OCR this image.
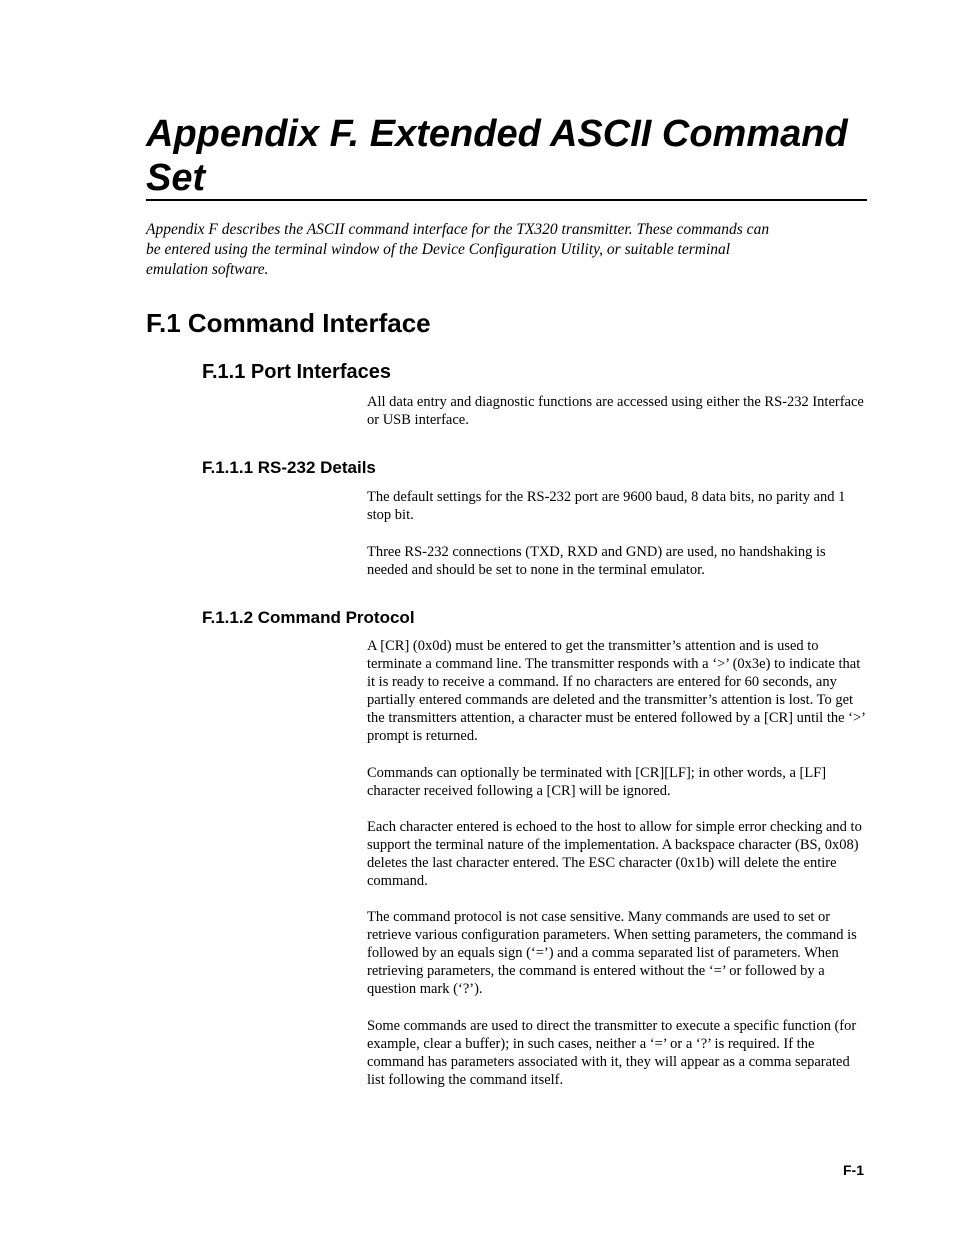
Appendix F. Extended ASCII Command
Set

Appendix F describes the ASCII command interface for the TX320 transmitter. These commands can be entered using the terminal window of the Device Configuration Utility, or suitable terminal emulation software.

F.1 Command Interface
F.1.1 Port Interfaces

All data entry and diagnostic functions are accessed using either the RS-232 Interface or USB interface.

F.1.1.1 RS-232 Details

The default settings for the RS-232 port are 9600 baud, 8 data bits, no parity and 1 stop bit.

Three RS-232 connections (TXD, RXD and GND) are used, no handshaking is needed and should be set to none in the terminal emulator.

F.1.1.2 Command Protocol

A [CR] (0x0d) must be entered to get the transmitter’s attention and is used to terminate a command line. The transmitter responds with a ‘>’ (0x3e) to indicate that it is ready to receive a command. If no characters are entered for 60 seconds, any partially entered commands are deleted and the transmitter’s attention is lost. To get the transmitters attention, a character must be entered followed by a [CR] until the ‘>’ prompt is returned.

Commands can optionally be terminated with [CR][LF]; in other words, a [LF] character received following a [CR] will be ignored.

Each character entered is echoed to the host to allow for simple error checking and to support the terminal nature of the implementation. A backspace character (BS, 0x08) deletes the last character entered. The ESC character (0x1b) will delete the entire command.

The command protocol is not case sensitive. Many commands are used to set or retrieve various configuration parameters. When setting parameters, the command is followed by an equals sign (‘=’) and a comma separated list of parameters. When retrieving parameters, the command is entered without the ‘=’ or followed by a question mark (‘?’).

Some commands are used to direct the transmitter to execute a specific function (for example, clear a buffer); in such cases, neither a ‘=’ or a ‘?’ is required. If the command has parameters associated with it, they will appear as a comma separated list following the command itself.

F-1
